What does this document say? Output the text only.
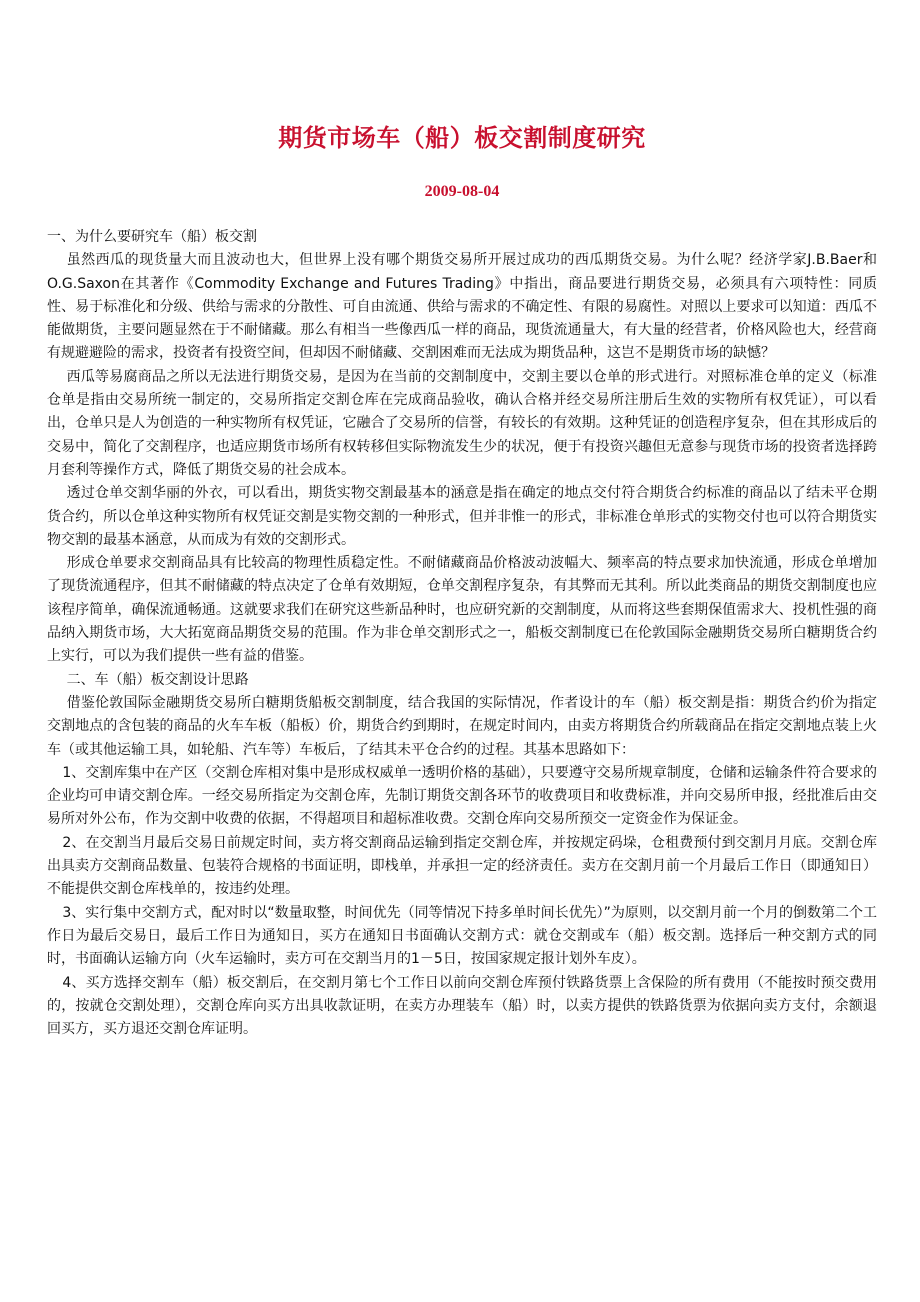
期货市场车（船）板交割制度研究
2009-08-04

一、为什么要研究车（船）板交割

虽然西瓜的现货量大而且波动也大，但世界上没有哪个期货交易所开展过成功的西瓜期货交易。为什么呢？经济学家J.B.Baer和O.G.Saxon在其著作《Commodity Exchange and Futures Trading》中指出，商品要进行期货交易，必须具有六项特性：同质性、易于标准化和分级、供给与需求的分散性、可自由流通、供给与需求的不确定性、有限的易腐性。对照以上要求可以知道：西瓜不能做期货，主要问题显然在于不耐储藏。那么有相当一些像西瓜一样的商品，现货流通量大，有大量的经营者，价格风险也大，经营商有规避避险的需求，投资者有投资空间，但却因不耐储藏、交割困难而无法成为期货品种，这岂不是期货市场的缺憾？

西瓜等易腐商品之所以无法进行期货交易，是因为在当前的交割制度中，交割主要以仓单的形式进行。对照标准仓单的定义（标准仓单是指由交易所统一制定的，交易所指定交割仓库在完成商品验收，确认合格并经交易所注册后生效的实物所有权凭证），可以看出，仓单只是人为创造的一种实物所有权凭证，它融合了交易所的信誉，有较长的有效期。这种凭证的创造程序复杂，但在其形成后的交易中，简化了交割程序，也适应期货市场所有权转移但实际物流发生少的状况，便于有投资兴趣但无意参与现货市场的投资者选择跨月套利等操作方式，降低了期货交易的社会成本。

透过仓单交割华丽的外衣，可以看出，期货实物交割最基本的涵意是指在确定的地点交付符合期货合约标准的商品以了结未平仓期货合约，所以仓单这种实物所有权凭证交割是实物交割的一种形式，但并非惟一的形式，非标准仓单形式的实物交付也可以符合期货实物交割的最基本涵意，从而成为有效的交割形式。

形成仓单要求交割商品具有比较高的物理性质稳定性。不耐储藏商品价格波动波幅大、频率高的特点要求加快流通，形成仓单增加了现货流通程序，但其不耐储藏的特点决定了仓单有效期短，仓单交割程序复杂，有其弊而无其利。所以此类商品的期货交割制度也应该程序简单，确保流通畅通。这就要求我们在研究这些新品种时，也应研究新的交割制度，从而将这些套期保值需求大、投机性强的商品纳入期货市场，大大拓宽商品期货交易的范围。作为非仓单交割形式之一，船板交割制度已在伦敦国际金融期货交易所白糖期货合约上实行，可以为我们提供一些有益的借鉴。

二、车（船）板交割设计思路

借鉴伦敦国际金融期货交易所白糖期货船板交割制度，结合我国的实际情况，作者设计的车（船）板交割是指：期货合约价为指定交割地点的含包装的商品的火车车板（船板）价，期货合约到期时，在规定时间内，由卖方将期货合约所载商品在指定交割地点装上火车（或其他运输工具，如轮船、汽车等）车板后，了结其未平仓合约的过程。其基本思路如下：

1、交割库集中在产区（交割仓库相对集中是形成权威单一透明价格的基础），只要遵守交易所规章制度，仓储和运输条件符合要求的企业均可申请交割仓库。一经交易所指定为交割仓库，先制订期货交割各环节的收费项目和收费标准，并向交易所申报，经批准后由交易所对外公布，作为交割中收费的依据，不得超项目和超标准收费。交割仓库向交易所预交一定资金作为保证金。

2、在交割当月最后交易日前规定时间，卖方将交割商品运输到指定交割仓库，并按规定码垛，仓租费预付到交割月月底。交割仓库出具卖方交割商品数量、包装符合规格的书面证明，即栈单，并承担一定的经济责任。卖方在交割月前一个月最后工作日（即通知日）不能提供交割仓库栈单的，按违约处理。

3、实行集中交割方式，配对时以“数量取整，时间优先（同等情况下持多单时间长优先）”为原则，以交割月前一个月的倒数第二个工作日为最后交易日，最后工作日为通知日，买方在通知日书面确认交割方式：就仓交割或车（船）板交割。选择后一种交割方式的同时，书面确认运输方向（火车运输时，卖方可在交割当月的1－5日，按国家规定报计划外车皮）。

4、买方选择交割车（船）板交割后，在交割月第七个工作日以前向交割仓库预付铁路货票上含保险的所有费用（不能按时预交费用的，按就仓交割处理），交割仓库向买方出具收款证明，在卖方办理装车（船）时，以卖方提供的铁路货票为依据向卖方支付，余额退回买方，买方退还交割仓库证明。
